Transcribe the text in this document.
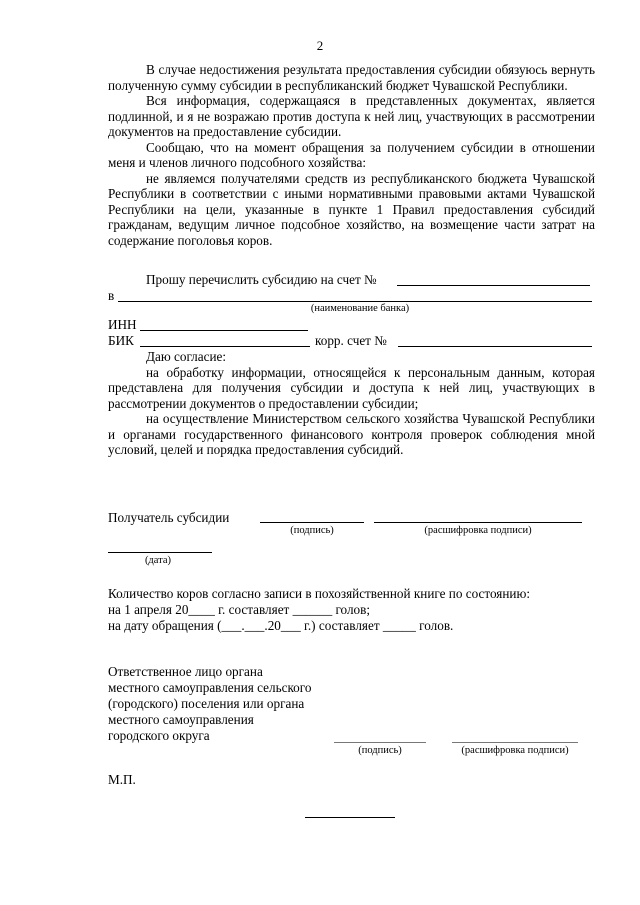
2

В случае недостижения результата предоставления субсидии обязуюсь вернуть полученную сумму субсидии в республиканский бюджет Чувашской Республики.

Вся информация, содержащаяся в представленных документах, является подлинной, и я не возражаю против доступа к ней лиц, участвующих в рассмотрении документов на предоставление субсидии.

Сообщаю, что на момент обращения за получением субсидии в отношении меня и членов личного подсобного хозяйства:

не являемся получателями средств из республиканского бюджета Чувашской Республики в соответствии с иными нормативными правовыми актами Чувашской Республики на цели, указанные в пункте 1 Правил предоставления субсидий гражданам, ведущим личное подсобное хозяйство, на возмещение части затрат на содержание поголовья коров.

Прошу перечислить субсидию на счет №
в
(наименование банка)
ИНН
БИК	корр. счет №

Даю согласие:

на обработку информации, относящейся к персональным данным, которая представлена для получения субсидии и доступа к ней лиц, участвующих в рассмотрении документов о предоставлении субсидии;

на осуществление Министерством сельского хозяйства Чувашской Республики и органами государственного финансового контроля проверок соблюдения мной условий, целей и порядка предоставления субсидий.

Получатель субсидии
(подпись)	(расшифровка подписи)
(дата)
Количество коров согласно записи в похозяйственной книге по состоянию:
на 1 апреля 20____ г. составляет ______ голов;
на дату обращения (___.___.20___ г.) составляет _____ голов.
Ответственное лицо органа
местного самоуправления сельского
(городского) поселения или органа
местного самоуправления
городского округа
(подпись)	(расшифровка подписи)
М.П.
